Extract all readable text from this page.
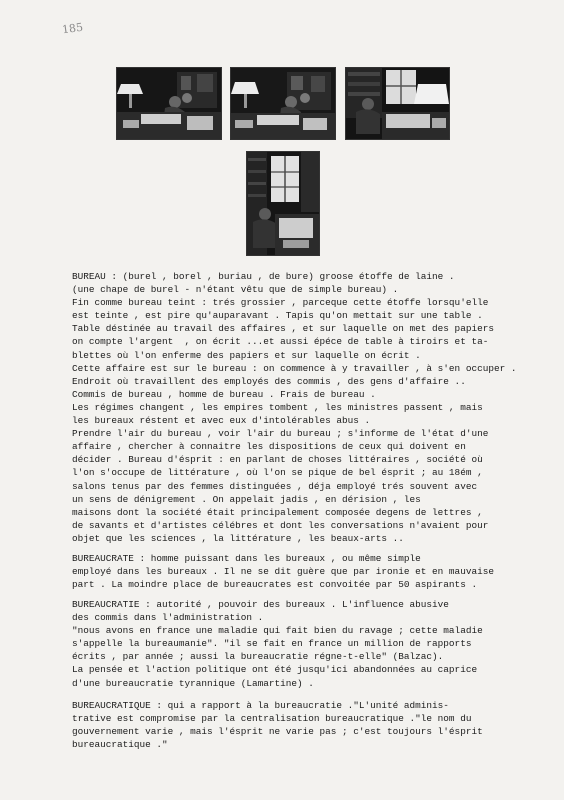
185
BUREAU : (burel , borel , buriau , de bure) groose étoffe de laine .
(une chape de burel - n'étant vêtu que de simple bureau) .
Fin comme bureau teint : trés grossier , parceque cette étoffe lorsqu'elle
est teinte , est pire qu'auparavant . Tapis qu'on mettait sur une table .
Table déstinée au travail des affaires , et sur laquelle on met des papiers
on compte l'argent  , on écrit ...et aussi épéce de table à tiroirs et ta-
blettes où l'on enferme des papiers et sur laquelle on écrit .
Cette affaire est sur le bureau : on commence à y travailler , à s'en occuper .
Endroit où travaillent des employés des commis , des gens d'affaire ..
Commis de bureau , homme de bureau . Frais de bureau .
Les régimes changent , les empires tombent , les ministres passent , mais
les bureaux réstent et avec eux d'intolérables abus .
Prendre l'air du bureau , voir l'air du bureau ; s'informe de l'état d'une
affaire , chercher à connaitre les dispositions de ceux qui doivent en
décider . Bureau d'ésprit : en parlant de choses littéraires , société où
l'on s'occupe de littérature , où l'on se pique de bel ésprit ; au 18ém ,
salons tenus par des femmes distinguées , déja employé trés souvent avec
un sens de dénigrement . On appelait jadis , en dérision , les
maisons dont la société était principalement composée degens de lettres ,
de savants et d'artistes célébres et dont les conversations n'avaient pour
objet que les sciences , la littérature , les beaux-arts ..
BUREAUCRATE : homme puissant dans les bureaux , ou même simple
employé dans les bureaux . Il ne se dit guère que par ironie et en mauvaise
part . La moindre place de bureaucrates est convoitée par 50 aspirants .
BUREAUCRATIE : autorité , pouvoir des bureaux . L'influence abusive
des commis dans l'administration .
"nous avons en france une maladie qui fait bien du ravage ; cette maladie
s'appelle la bureaumanie". "il se fait en france un million de rapports
écrits , par année ; aussi la bureaucratie régne-t-elle" (Balzac).
La pensée et l'action politique ont été jusqu'ici abandonnées au caprice
d'une bureaucratie tyrannique (Lamartine) .
BUREAUCRATIQUE : qui a rapport à la bureaucratie ."L'unité adminis-
trative est compromise par la centralisation bureaucratique ."le nom du
gouvernement varie , mais l'ésprit ne varie pas ; c'est toujours l'ésprit
bureaucratique ."
